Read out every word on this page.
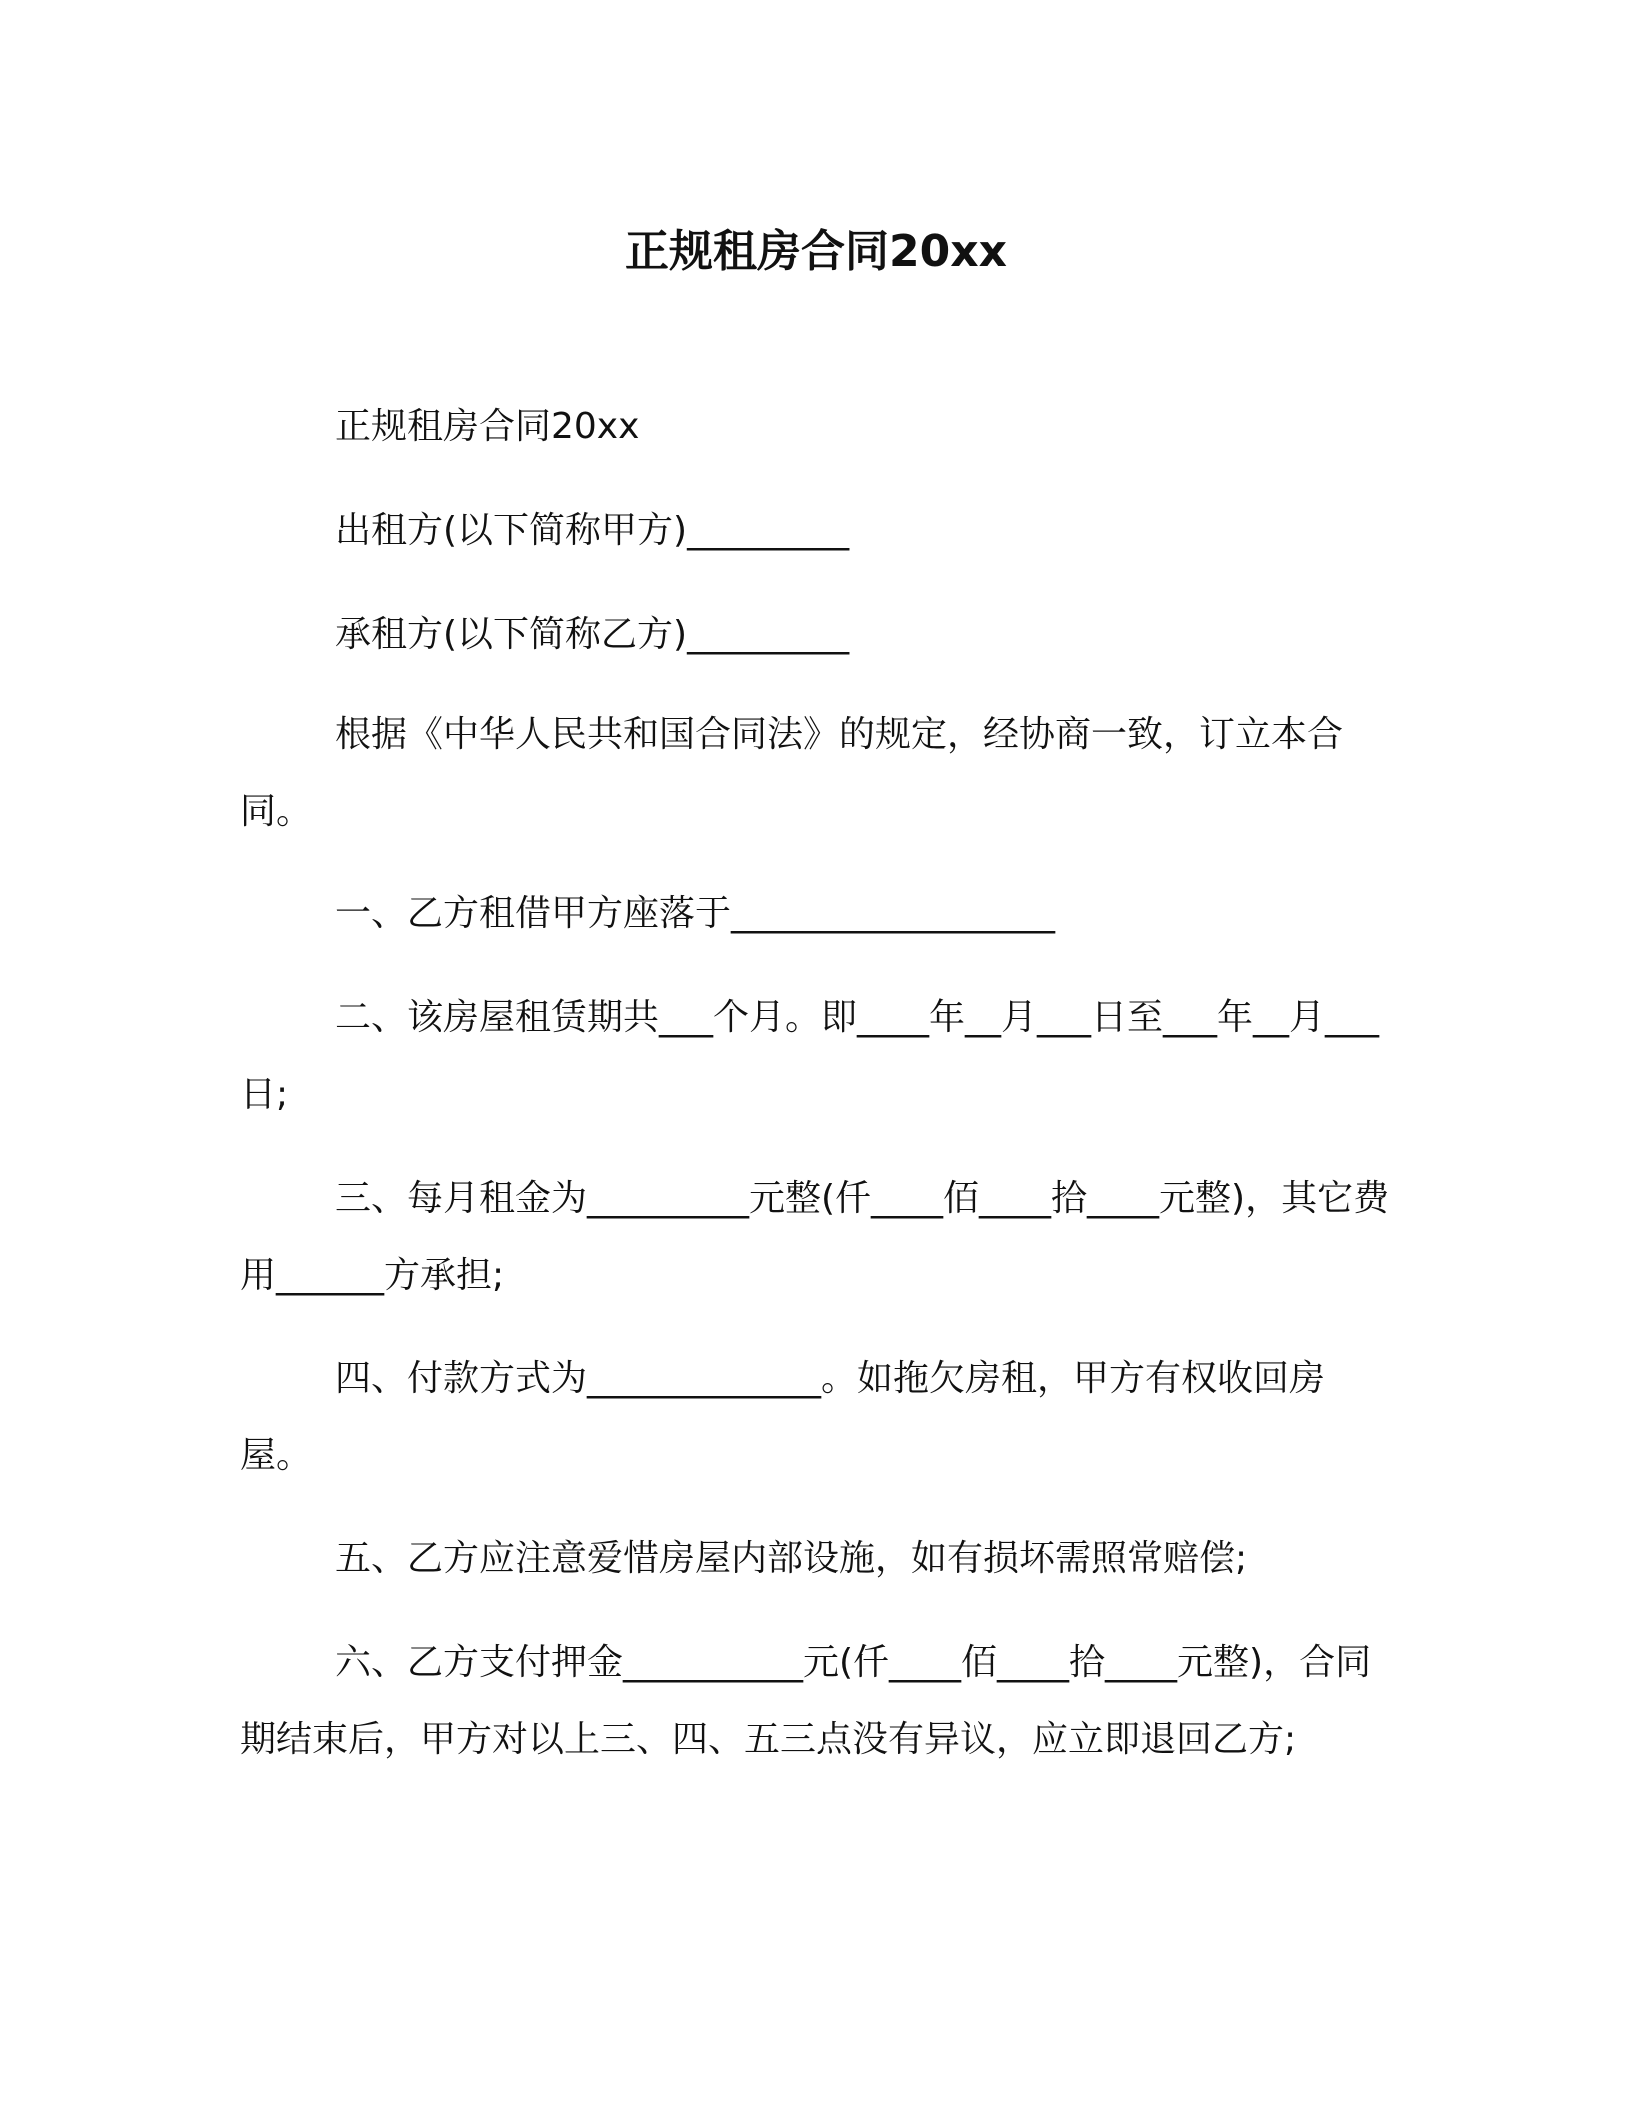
正规租房合同20xx

正规租房合同20xx

出租方(以下简称甲方)_________

承租方(以下简称乙方)_________

根据《中华人民共和国合同法》的规定，经协商一致，订立本合同。

一、乙方租借甲方座落于__________________

二、该房屋租赁期共___个月。即____年__月___日至___年__月___日;

三、每月租金为_________元整(仟____佰____拾____元整)，其它费用______方承担;

四、付款方式为_____________。如拖欠房租，甲方有权收回房屋。

五、乙方应注意爱惜房屋内部设施，如有损坏需照常赔偿;

六、乙方支付押金__________元(仟____佰____拾____元整)，合同期结束后，甲方对以上三、四、五三点没有异议，应立即退回乙方;
